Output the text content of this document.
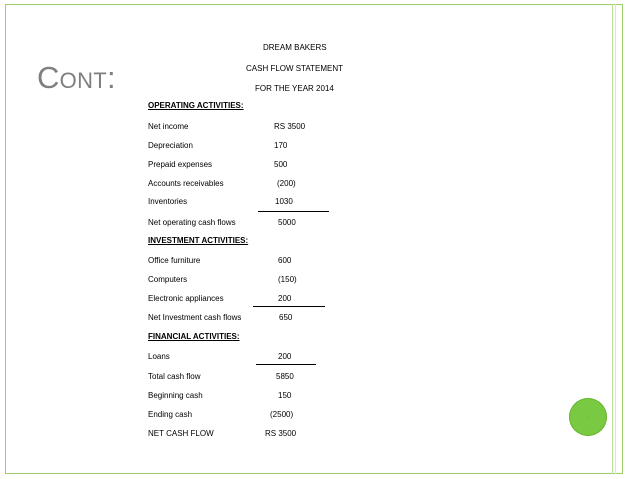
Cont:
DREAM BAKERS
CASH FLOW STATEMENT
FOR THE YEAR 2014
OPERATING ACTIVITIES:
Net income	RS 3500
Depreciation	170
Prepaid expenses	500
Accounts receivables	(200)
Inventories	1030
Net operating cash flows	5000
INVESTMENT ACTIVITIES:
Office furniture	600
Computers	(150)
Electronic appliances	200
Net Investment cash flows	650
FINANCIAL ACTIVITIES:
Loans	200
Total cash flow	5850
Beginning cash	150
Ending cash	(2500)
NET CASH FLOW	RS 3500
